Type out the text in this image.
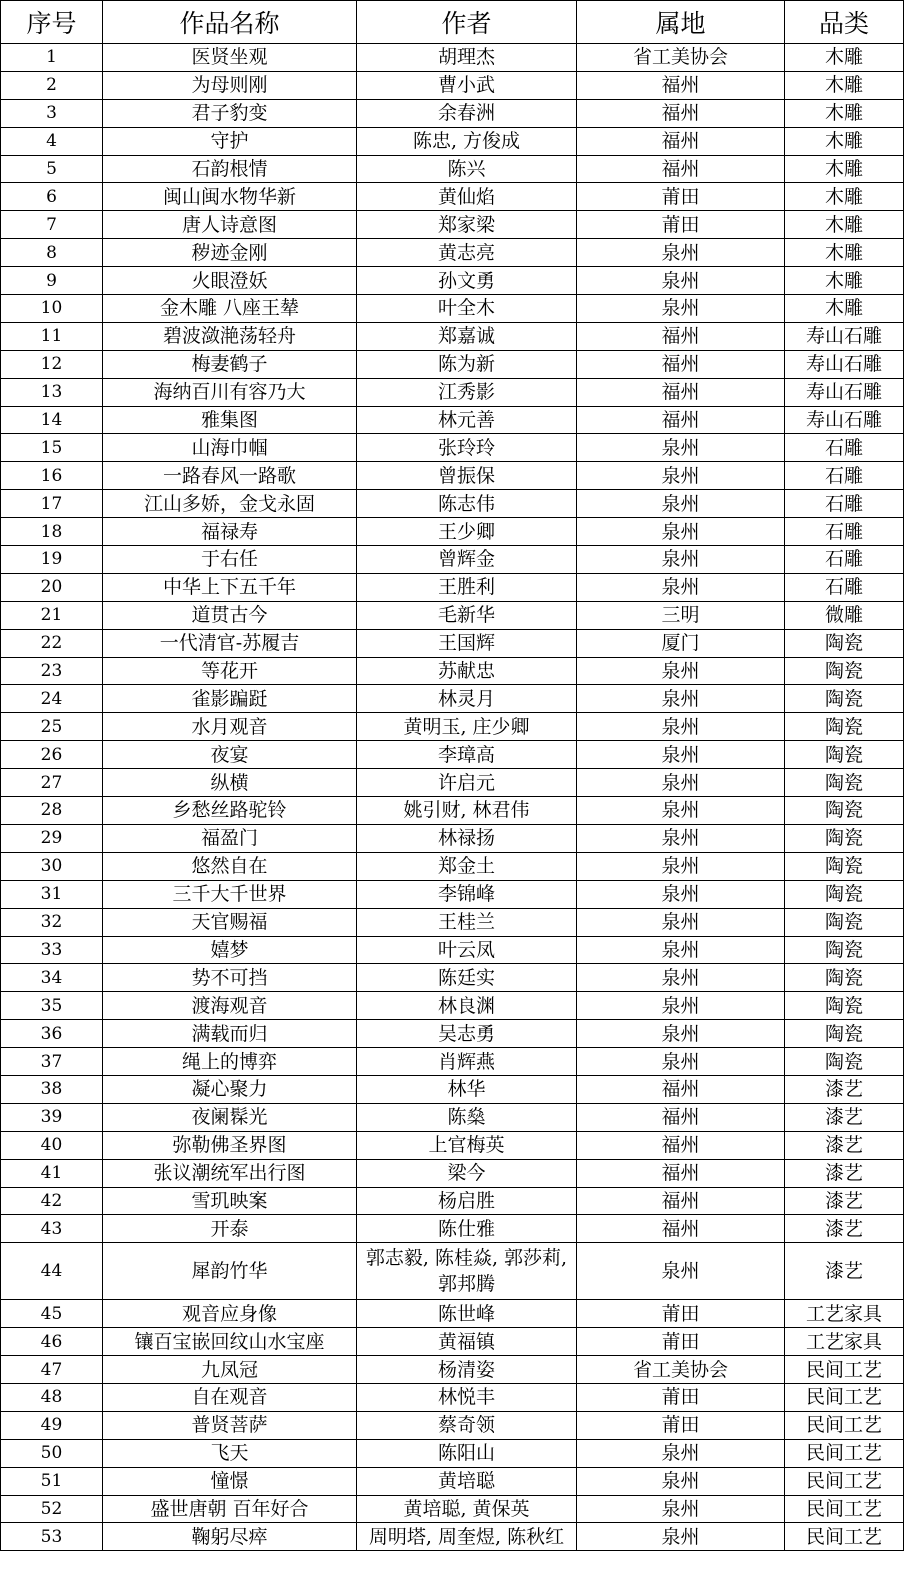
序号	作品名称	作者	属地	品类
1	医贤坐观	胡理杰	省工美协会	木雕
2	为母则刚	曹小武	福州	木雕
3	君子豹变	余春洲	福州	木雕
4	守护	陈忠, 方俊成	福州	木雕
5	石韵根情	陈兴	福州	木雕
6	闽山闽水物华新	黄仙焰	莆田	木雕
7	唐人诗意图	郑家梁	莆田	木雕
8	秽迹金刚	黄志亮	泉州	木雕
9	火眼澄妖	孙文勇	泉州	木雕
10	金木雕 八座王辇	叶全木	泉州	木雕
11	碧波潋滟荡轻舟	郑嘉诚	福州	寿山石雕
12	梅妻鹤子	陈为新	福州	寿山石雕
13	海纳百川有容乃大	江秀影	福州	寿山石雕
14	雅集图	林元善	福州	寿山石雕
15	山海巾帼	张玲玲	泉州	石雕
16	一路春风一路歌	曾振保	泉州	石雕
17	江山多娇，金戈永固	陈志伟	泉州	石雕
18	福禄寿	王少卿	泉州	石雕
19	于右任	曾辉金	泉州	石雕
20	中华上下五千年	王胜利	泉州	石雕
21	道贯古今	毛新华	三明	微雕
22	一代清官-苏履吉	王国辉	厦门	陶瓷
23	等花开	苏献忠	泉州	陶瓷
24	雀影蹁跹	林灵月	泉州	陶瓷
25	水月观音	黄明玉, 庄少卿	泉州	陶瓷
26	夜宴	李璋高	泉州	陶瓷
27	纵横	许启元	泉州	陶瓷
28	乡愁丝路驼铃	姚引财, 林君伟	泉州	陶瓷
29	福盈门	林禄扬	泉州	陶瓷
30	悠然自在	郑金土	泉州	陶瓷
31	三千大千世界	李锦峰	泉州	陶瓷
32	天官赐福	王桂兰	泉州	陶瓷
33	嬉梦	叶云凤	泉州	陶瓷
34	势不可挡	陈廷实	泉州	陶瓷
35	渡海观音	林良渊	泉州	陶瓷
36	满载而归	吴志勇	泉州	陶瓷
37	绳上的博弈	肖辉燕	泉州	陶瓷
38	凝心聚力	林华	福州	漆艺
39	夜阑髹光	陈燊	福州	漆艺
40	弥勒佛圣界图	上官梅英	福州	漆艺
41	张议潮统军出行图	梁今	福州	漆艺
42	雪玑映案	杨启胜	福州	漆艺
43	开泰	陈仕雅	福州	漆艺
44	犀韵竹华	郭志毅, 陈桂焱, 郭莎莉, 郭邦腾	泉州	漆艺
45	观音应身像	陈世峰	莆田	工艺家具
46	镶百宝嵌回纹山水宝座	黄福镇	莆田	工艺家具
47	九凤冠	杨清姿	省工美协会	民间工艺
48	自在观音	林悦丰	莆田	民间工艺
49	普贤菩萨	蔡奇领	莆田	民间工艺
50	飞天	陈阳山	泉州	民间工艺
51	憧憬	黄培聪	泉州	民间工艺
52	盛世唐朝 百年好合	黄培聪, 黄保英	泉州	民间工艺
53	鞠躬尽瘁	周明塔, 周奎煜, 陈秋红	泉州	民间工艺
